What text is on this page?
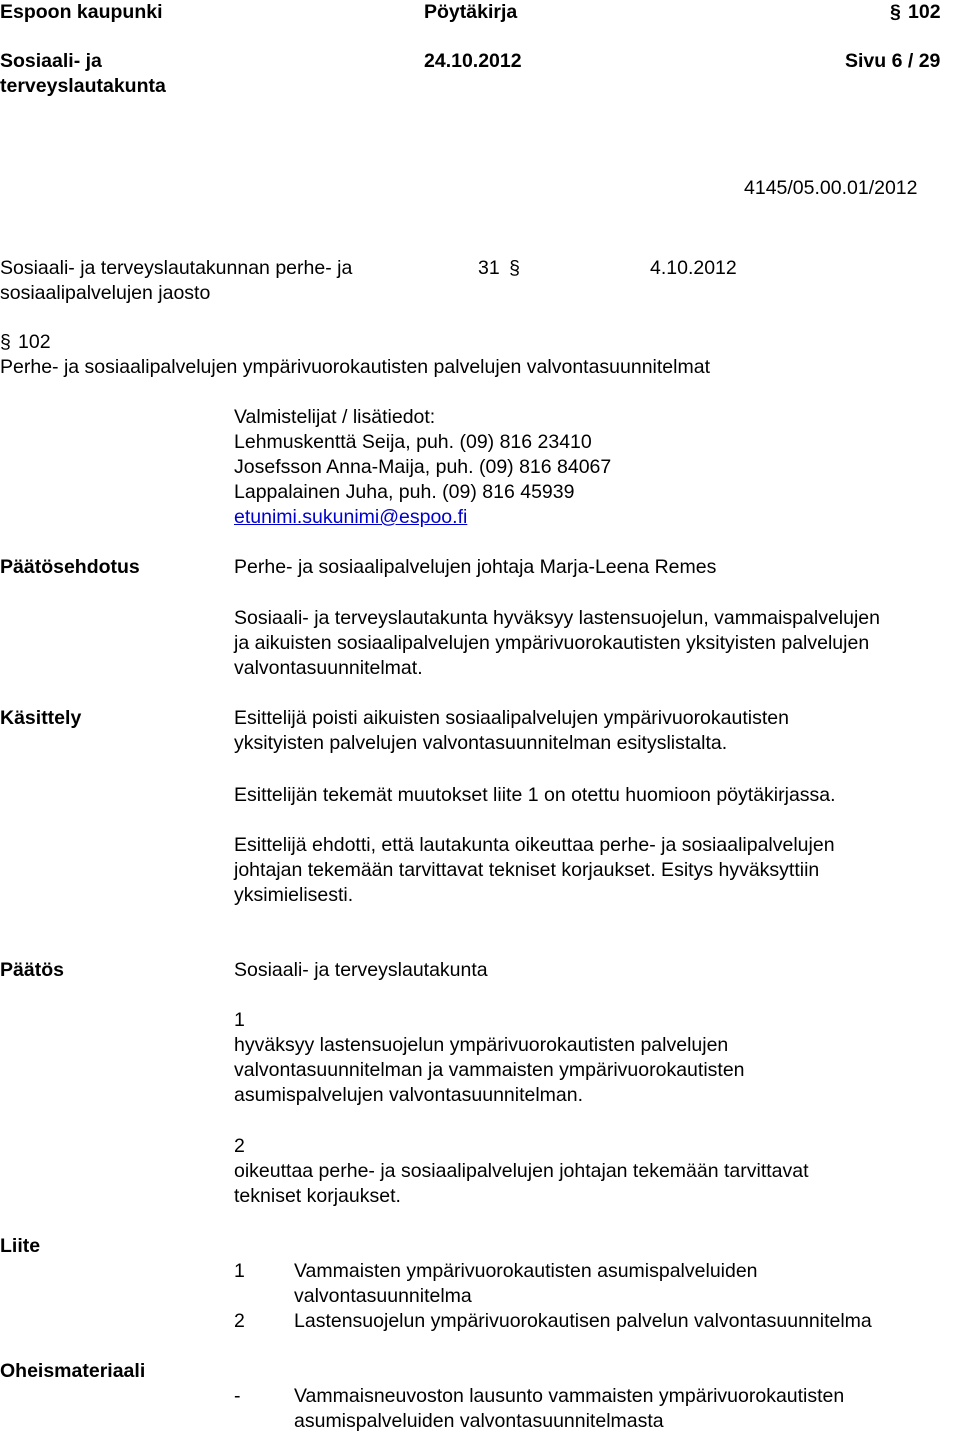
Espoon kaupunki	Pöytäkirja	§ 102
Sosiaali- ja
terveyslautakunta
24.10.2012	Sivu 6 / 29
4145/05.00.01/2012
Sosiaali- ja terveyslautakunnan perhe- ja
sosiaalipalvelujen jaosto
31 §	4.10.2012
§ 102
Perhe- ja sosiaalipalvelujen ympärivuorokautisten palvelujen valvontasuunnitelmat
Valmistelijat / lisätiedot:
Lehmuskenttä Seija, puh. (09) 816 23410
Josefsson Anna-Maija, puh. (09) 816 84067
Lappalainen Juha, puh. (09) 816 45939
etunimi.sukunimi@espoo.fi
Päätösehdotus	Perhe- ja sosiaalipalvelujen johtaja Marja-Leena Remes
Sosiaali- ja terveyslautakunta hyväksyy lastensuojelun, vammaispalvelujen
ja aikuisten sosiaalipalvelujen ympärivuorokautisten yksityisten palvelujen
valvontasuunnitelmat.
Käsittely	Esittelijä poisti aikuisten sosiaalipalvelujen ympärivuorokautisten
yksityisten palvelujen valvontasuunnitelman esityslistalta.
Esittelijän tekemät muutokset liite 1 on otettu huomioon pöytäkirjassa.
Esittelijä ehdotti, että lautakunta oikeuttaa perhe- ja sosiaalipalvelujen
johtajan tekemään tarvittavat tekniset korjaukset. Esitys hyväksyttiin
yksimielisesti.
Päätös	Sosiaali- ja terveyslautakunta
1
hyväksyy lastensuojelun ympärivuorokautisten palvelujen
valvontasuunnitelman ja vammaisten ympärivuorokautisten
asumispalvelujen valvontasuunnitelman.
2
oikeuttaa perhe- ja sosiaalipalvelujen johtajan tekemään tarvittavat
tekniset korjaukset.
Liite
1	Vammaisten ympärivuorokautisten asumispalveluiden
valvontasuunnitelma
2	Lastensuojelun ympärivuorokautisen palvelun valvontasuunnitelma
Oheismateriaali
-	Vammaisneuvoston lausunto vammaisten ympärivuorokautisten
asumispalveluiden valvontasuunnitelmasta
